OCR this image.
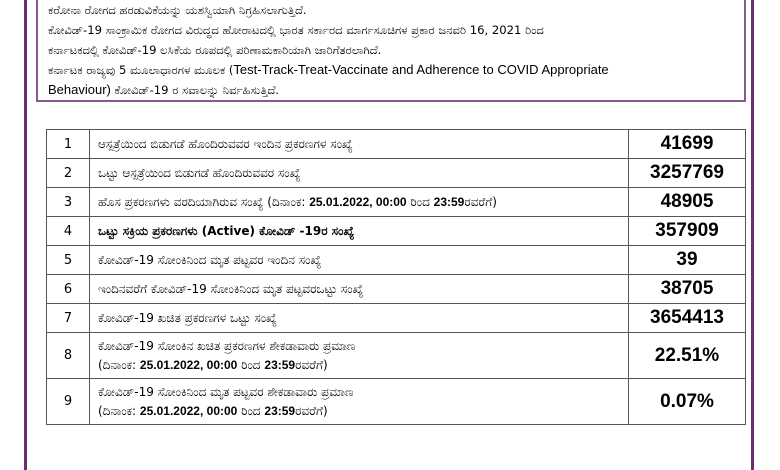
ಕರೋನಾ ರೋಗದ ಹರಡುವಿಕೆಯನ್ನು ಯಶಸ್ವಿಯಾಗಿ ನಿಗ್ರಹಿಸಲಾಗುತ್ತಿದೆ.

ಕೋವಿಡ್-19 ಸಾಂಕ್ರಾಮಿಕ ರೋಗದ ವಿರುದ್ಧದ ಹೋರಾಟದಲ್ಲಿ ಭಾರತ ಸರ್ಕಾರದ ಮಾರ್ಗಸೂಚಿಗಳ ಪ್ರಕಾರ ಜನವರಿ 16, 2021 ರಿಂದ

ಕರ್ನಾಟಕದಲ್ಲಿ ಕೋವಿಡ್-19 ಲಸಿಕೆಯ ರೂಪದಲ್ಲಿ ಪರಿಣಾಮಕಾರಿಯಾಗಿ ಜಾರಿಗೆತರಲಾಗಿದೆ.

ಕರ್ನಾಟಕ ರಾಜ್ಯವು 5 ಮೂಲಾಧಾರಗಳ ಮೂಲಕ (Test-Track-Treat-Vaccinate and Adherence to COVID Appropriate

Behaviour) ಕೋವಿಡ್-19 ರ ಸವಾಲನ್ನು ನಿರ್ವಹಿಸುತ್ತಿದೆ.

1	ಆಸ್ಪತ್ರೆಯಿಂದ ಬಿಡುಗಡೆ ಹೊಂದಿರುವವರ ಇಂದಿನ ಪ್ರಕರಣಗಳ ಸಂಖ್ಯೆ	41699
2	ಒಟ್ಟು ಆಸ್ಪತ್ರೆಯಿಂದ ಬಿಡುಗಡೆ ಹೊಂದಿರುವವರ ಸಂಖ್ಯೆ	3257769
3	ಹೊಸ ಪ್ರಕರಣಗಳು ವರದಿಯಾಗಿರುವ ಸಂಖ್ಯೆ (ದಿನಾಂಕ: 25.01.2022, 00:00 ರಿಂದ 23:59ರವರೆಗೆ)	48905
4	ಒಟ್ಟು ಸಕ್ರಿಯ ಪ್ರಕರಣಗಳು (Active) ಕೋವಿಡ್ -19ರ ಸಂಖ್ಯೆ	357909
5	ಕೋವಿಡ್-19 ಸೋಂಕಿನಿಂದ ಮೃತ ಪಟ್ಟವರ ಇಂದಿನ ಸಂಖ್ಯೆ	39
6	ಇಂದಿನವರೆಗೆ ಕೋವಿಡ್-19 ಸೋಂಕಿನಿಂದ ಮೃತ ಪಟ್ಟವರಒಟ್ಟು ಸಂಖ್ಯೆ	38705
7	ಕೋವಿಡ್-19 ಖಚಿತ ಪ್ರಕರಣಗಳ ಒಟ್ಟು ಸಂಖ್ಯೆ	3654413
8	ಕೋವಿಡ್-19 ಸೋಂಕಿನ ಖಚಿತ ಪ್ರಕರಣಗಳ ಶೇಕಡಾವಾರು ಪ್ರಮಾಣ
(ದಿನಾಂಕ: 25.01.2022, 00:00 ರಿಂದ 23:59ರವರೆಗೆ)	22.51%
9	ಕೋವಿಡ್-19 ಸೋಂಕಿನಿಂದ ಮೃತ ಪಟ್ಟವರ ಶೇಕಡಾವಾರು ಪ್ರಮಾಣ
(ದಿನಾಂಕ: 25.01.2022, 00:00 ರಿಂದ 23:59ರವರೆಗೆ)	0.07%
